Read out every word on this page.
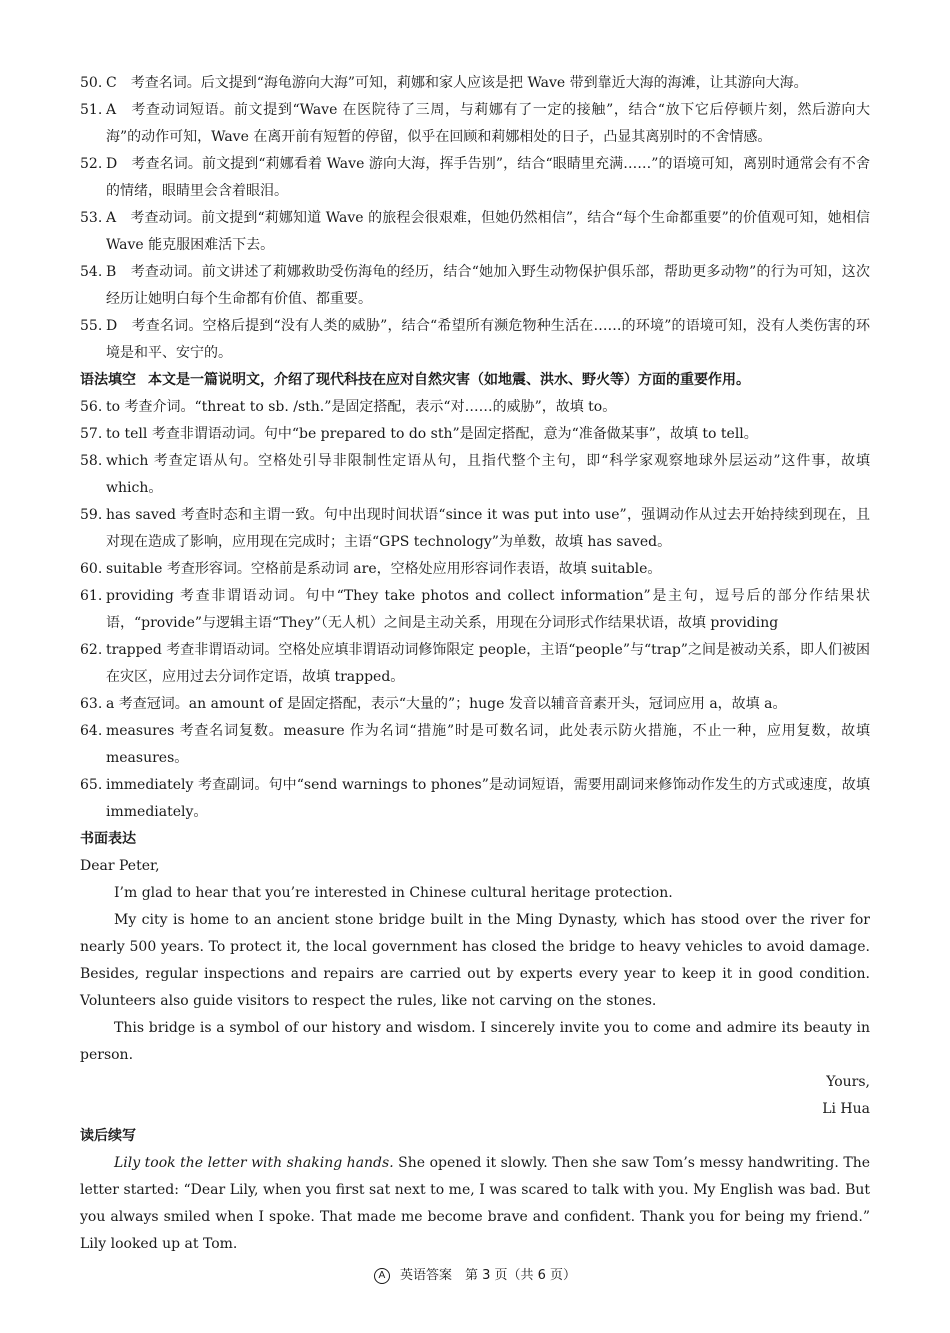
50. C　考查名词。后文提到“海龟游向大海”可知，莉娜和家人应该是把 Wave 带到靠近大海的海滩，让其游向大海。
51. A　考查动词短语。前文提到“Wave 在医院待了三周，与莉娜有了一定的接触”，结合“放下它后停顿片刻，然后游向大海”的动作可知，Wave 在离开前有短暂的停留，似乎在回顾和莉娜相处的日子，凸显其离别时的不舍情感。
52. D　考查名词。前文提到“莉娜看着 Wave 游向大海，挥手告别”，结合“眼睛里充满……”的语境可知，离别时通常会有不舍的情绪，眼睛里会含着眼泪。
53. A　考查动词。前文提到“莉娜知道 Wave 的旅程会很艰难，但她仍然相信”，结合“每个生命都重要”的价值观可知，她相信 Wave 能克服困难活下去。
54. B　考查动词。前文讲述了莉娜救助受伤海龟的经历，结合“她加入野生动物保护俱乐部，帮助更多动物”的行为可知，这次经历让她明白每个生命都有价值、都重要。
55. D　考查名词。空格后提到“没有人类的威胁”，结合“希望所有濒危物种生活在……的环境”的语境可知，没有人类伤害的环境是和平、安宁的。

语法填空 本文是一篇说明文，介绍了现代科技在应对自然灾害（如地震、洪水、野火等）方面的重要作用。

56. to 考查介词。“threat to sb. /sth.”是固定搭配，表示“对……的威胁”，故填 to。
57. to tell 考查非谓语动词。句中“be prepared to do sth”是固定搭配，意为“准备做某事”，故填 to tell。
58. which 考查定语从句。空格处引导非限制性定语从句，且指代整个主句，即“科学家观察地球外层运动”这件事，故填 which。
59. has saved 考查时态和主谓一致。句中出现时间状语“since it was put into use”，强调动作从过去开始持续到现在，且对现在造成了影响，应用现在完成时；主语“GPS technology”为单数，故填 has saved。
60. suitable 考查形容词。空格前是系动词 are，空格处应用形容词作表语，故填 suitable。
61. providing 考查非谓语动词。句中“They take photos and collect information”是主句，逗号后的部分作结果状语，“provide”与逻辑主语“They”（无人机）之间是主动关系，用现在分词形式作结果状语，故填 providing
62. trapped 考查非谓语动词。空格处应填非谓语动词修饰限定 people，主语“people”与“trap”之间是被动关系，即人们被困在灾区，应用过去分词作定语，故填 trapped。
63. a 考查冠词。an amount of 是固定搭配，表示“大量的”；huge 发音以辅音音素开头，冠词应用 a，故填 a。
64. measures 考查名词复数。measure 作为名词“措施”时是可数名词，此处表示防火措施，不止一种，应用复数，故填 measures。
65. immediately 考查副词。句中“send warnings to phones”是动词短语，需要用副词来修饰动作发生的方式或速度，故填 immediately。

书面表达

Dear Peter,

I’m glad to hear that you’re interested in Chinese cultural heritage protection.

My city is home to an ancient stone bridge built in the Ming Dynasty, which has stood over the river for nearly 500 years. To protect it, the local government has closed the bridge to heavy vehicles to avoid damage. Besides, regular inspections and repairs are carried out by experts every year to keep it in good condition. Volunteers also guide visitors to respect the rules, like not carving on the stones.

This bridge is a symbol of our history and wisdom. I sincerely invite you to come and admire its beauty in person.

Yours,

Li Hua

读后续写

Lily took the letter with shaking hands. She opened it slowly. Then she saw Tom’s messy handwriting. The letter started: “Dear Lily, when you first sat next to me, I was scared to talk with you. My English was bad. But you always smiled when I spoke. That made me become brave and confident. Thank you for being my friend.” Lily looked up at Tom.

A 英语答案　第 3 页（共 6 页）
